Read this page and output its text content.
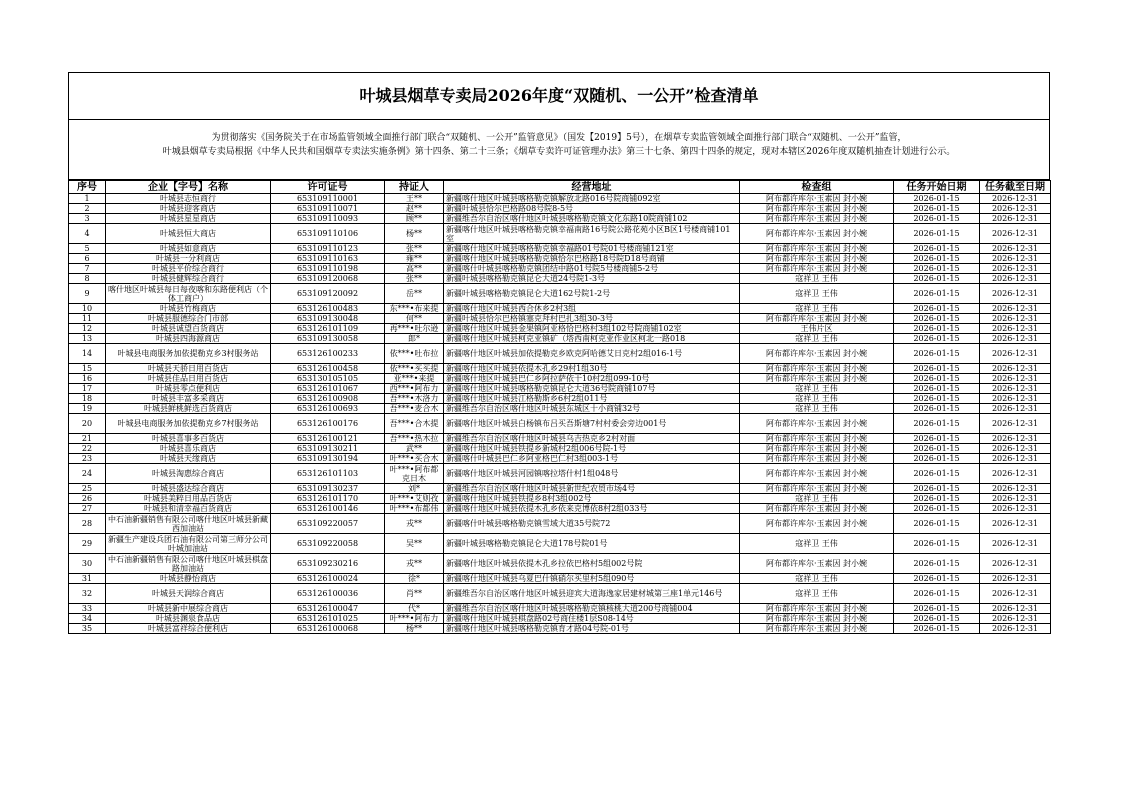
叶城县烟草专卖局2026年度“双随机、一公开”检查清单
为贯彻落实《国务院关于在市场监管领域全面推行部门联合“双随机、一公开”监管意见》（国发【2019】5号），在烟草专卖监管领域全面推行部门联合“双随机、一公开”监管，
叶城县烟草专卖局根据《中华人民共和国烟草专卖法实施条例》第十四条、第二十三条；《烟草专卖许可证管理办法》第三十七条、第四十四条的规定，现对本辖区2026年度双随机抽查计划进行公示。
序号	企业【字号】名称	许可证号	持证人	经营地址	检查组	任务开始日期	任务截至日期
1	叶城县志恒商行	653109110001	王**	新疆喀什地区叶城县喀格勒克镇解放北路016号院商铺092室	阿布都许库尔·玉素因 封小婉	2026-01-15	2026-12-31
2	叶城县迎客商店	653109110071	赵**	新疆叶城县恰尔巴格路08号院8-5号	阿布都许库尔·玉素因 封小婉	2026-01-15	2026-12-31
3	叶城县星星商店	653109110093	顾**	新疆维吾尔自治区喀什地区叶城县喀格勒克镇文化东路10院商铺102	阿布都许库尔·玉素因 封小婉	2026-01-15	2026-12-31
4	叶城县恒大商店	653109110106	杨**	新疆喀什地区叶城县喀格勒克镇幸福南路16号院公路花苑小区B区1号楼商铺101室	阿布都许库尔·玉素因 封小婉	2026-01-15	2026-12-31
5	叶城县如意商店	653109110123	张**	新疆喀什地区叶城县喀格勒克镇幸福路01号院01号楼商铺121室	阿布都许库尔·玉素因 封小婉	2026-01-15	2026-12-31
6	叶城县一分利商店	653109110163	雍**	新疆喀什地区叶城县喀格勒克镇恰尔巴格路18号院D18号商铺	阿布都许库尔·玉素因 封小婉	2026-01-15	2026-12-31
7	叶城县平价综合商行	653109110198	高**	新疆喀什叶城县喀格勒克镇团结中路01号院5号楼商铺5-2号	阿布都许库尔·玉素因 封小婉	2026-01-15	2026-12-31
8	叶城县健辉综合商行	653109120068	张**	新疆叶城县喀格勒克镇昆仑大道24号院1-3号	寇祥卫 王伟	2026-01-15	2026-12-31
9	喀什地区叶城县每日每夜喀和东路便利店（个体工商户）	653109120092	岳**	新疆叶城县喀格勒克镇昆仑大道162号院1-2号	寇祥卫 王伟	2026-01-15	2026-12-31
10	叶城县竹梅商店	653126100483	东***•布来提	新疆喀什地区叶城县西合休乡2村3组	寇祥卫 王伟	2026-01-15	2026-12-31
11	叶城县服德综合门市部	653109130048	何**	新疆叶城县恰尔巴格镇塞克拜村巴扎3组30-3号	阿布都许库尔·玉素因 封小婉	2026-01-15	2026-12-31
12	叶城县诚望百货商店	653126101109	再***•吐尔逊	新疆喀什地区叶城县金果镇阿亚格恰巴格村3组102号院商铺102室	王伟片区	2026-01-15	2026-12-31
13	叶城县四海源商店	653109130058	郎*	新疆喀什地区叶城县柯克亚镇矿（塔西南柯克亚作业区柯北一路018	寇祥卫 王伟	2026-01-15	2026-12-31
14	叶城县电商服务加依提勒克乡3村服务站	653126100233	依***•吐布拉	新疆喀什地区叶城县加依提勒克乡欧克阿哈德艾日克村2组016-1号	阿布都许库尔·玉素因 封小婉	2026-01-15	2026-12-31
15	叶城县天骄日用百货店	653126100458	依***•买买提	新疆喀什地区叶城县依提木孔乡29村1组30号	阿布都许库尔·玉素因 封小婉	2026-01-15	2026-12-31
16	叶城县佳品日用百货店	653130105105	亚***•来提	新疆喀什地区叶城县巴仁乡阿拉萨依干10村2组099-10号	阿布都许库尔·玉素因 封小婉	2026-01-15	2026-12-31
17	叶城县零点便利店	653126101067	西***•阿布力	新疆喀什地区叶城县喀格勒克镇昆仑大道36号院商铺107号	寇祥卫 王伟	2026-01-15	2026-12-31
18	叶城县丰富多采商店	653126100908	吾***•木洛力	新疆喀什地区叶城县江格勒斯乡6村2组011号	寇祥卫 王伟	2026-01-15	2026-12-31
19	叶城县鲜桃鲜选百货商店	653126100693	吾***•麦合木	新疆维吾尔自治区喀什地区叶城县东城区十小商铺32号	寇祥卫 王伟	2026-01-15	2026-12-31
20	叶城县电商服务加依提勒克乡7村服务站	653126100176	吾***•合木提	新疆喀什地区叶城县白杨镇布吕买吾斯塘7村村委会旁边001号	阿布都许库尔·玉素因 封小婉	2026-01-15	2026-12-31
21	叶城县喜事多百货店	653126100121	吾***•热木拉	新疆维吾尔自治区喀什地区叶城县乌吉热克乡2村对面	阿布都许库尔·玉素因 封小婉	2026-01-15	2026-12-31
22	叶城县喜乐商店	653109130211	武**	新疆喀什地区叶城县铁提乡新城村2组006号院-1号	阿布都许库尔·玉素因 封小婉	2026-01-15	2026-12-31
23	叶城县天缘商店	653109130194	叶***•买合木	新疆喀什叶城县巴仁乡阿亚格巴仁村3组003-1号	阿布都许库尔·玉素因 封小婉	2026-01-15	2026-12-31
24	叶城县淘惠综合商店	653126101103	叶***•阿布都克日木	新疆喀什地区叶城县河园镇喀拉塔什村1组048号	阿布都许库尔·玉素因 封小婉	2026-01-15	2026-12-31
25	叶城县盛达综合商店	653109130237	刘*	新疆维吾尔自治区喀什地区叶城县新世纪农贸市场4号	阿布都许库尔·玉素因 封小婉	2026-01-15	2026-12-31
26	叶城县美粹日用品百货店	653126101170	叶***•艾则孜	新疆喀什地区叶城县铁提乡8村3组002号	寇祥卫 王伟	2026-01-15	2026-12-31
27	叶城县和清幸福百货商店	653126100146	叶***•布都伟	新疆喀什地区叶城县依提木孔乡依来克博依8村2组033号	阿布都许库尔·玉素因 封小婉	2026-01-15	2026-12-31
28	中石油新疆销售有限公司喀什地区叶城县新藏西加油站	653109220057	戎**	新疆喀什叶城县喀格勒克镇雪域大道35号院72	阿布都许库尔·玉素因 封小婉	2026-01-15	2026-12-31
29	新疆生产建设兵团石油有限公司第三师分公司叶城加油站	653109220058	吴**	新疆叶城县喀格勒克镇昆仑大道178号院01号	寇祥卫 王伟	2026-01-15	2026-12-31
30	中石油新疆销售有限公司喀什地区叶城县棋盘路加油站	653109230216	戎**	新疆喀什地区叶城县依提木孔乡拉依巴格村5组002号院	阿布都许库尔·玉素因 封小婉	2026-01-15	2026-12-31
31	叶城县静怡商店	653126100024	徐*	新疆喀什地区叶城县乌夏巴什镇硝尔买里村5组090号	寇祥卫 王伟	2026-01-15	2026-12-31
32	叶城县天润综合商店	653126100036	肖**	新疆维吾尔自治区喀什地区叶城县迎宾大道海逸家居建材城第三座1单元146号	寇祥卫 王伟	2026-01-15	2026-12-31
33	叶城县新中展综合商店	653126100047	代*	新疆维吾尔自治区喀什地区叶城县喀格勒克镇核桃大道200号商铺004	阿布都许库尔·玉素因 封小婉	2026-01-15	2026-12-31
34	叶城县渊泉食品店	653126101025	叶***•阿布力	新疆喀什地区叶城县棋盘路02号商住楼1层S08-14号	阿布都许库尔·玉素因 封小婉	2026-01-15	2026-12-31
35	叶城县富祥综合便利店	653126100068	杨**	新疆喀什地区叶城县喀格勒克镇育才路04号院-01号	阿布都许库尔·玉素因 封小婉	2026-01-15	2026-12-31
